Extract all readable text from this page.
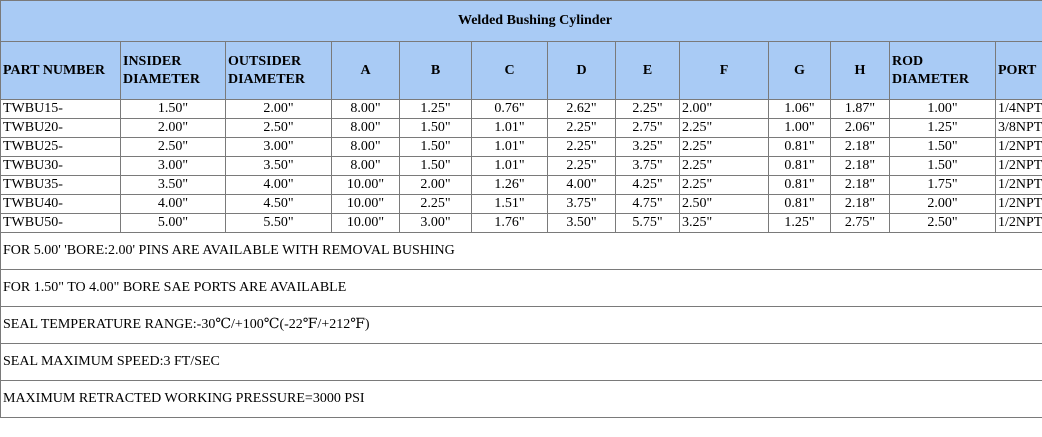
Welded Bushing Cylinder												
PART NUMBER	INSIDER DIAMETER	OUTSIDER DIAMETER	A	B	C	D	E	F	G	H	ROD DIAMETER	PORT
TWBU15-	1.50"	2.00"	8.00"	1.25"	0.76"	2.62"	2.25"	2.00"	1.06"	1.87"	1.00"	1/4NPT
TWBU20-	2.00"	2.50"	8.00"	1.50"	1.01"	2.25"	2.75"	2.25"	1.00"	2.06"	1.25"	3/8NPT
TWBU25-	2.50"	3.00"	8.00"	1.50"	1.01"	2.25"	3.25"	2.25"	0.81"	2.18"	1.50"	1/2NPT
TWBU30-	3.00"	3.50"	8.00"	1.50"	1.01"	2.25"	3.75"	2.25"	0.81"	2.18"	1.50"	1/2NPT
TWBU35-	3.50"	4.00"	10.00"	2.00"	1.26"	4.00"	4.25"	2.25"	0.81"	2.18"	1.75"	1/2NPT
TWBU40-	4.00"	4.50"	10.00"	2.25"	1.51"	3.75"	4.75"	2.50"	0.81"	2.18"	2.00"	1/2NPT
TWBU50-	5.00"	5.50"	10.00"	3.00"	1.76"	3.50"	5.75"	3.25"	1.25"	2.75"	2.50"	1/2NPT
FOR 5.00' 'BORE:2.00' PINS ARE AVAILABLE WITH REMOVAL BUSHING												
FOR 1.50" TO 4.00" BORE SAE PORTS ARE AVAILABLE												
SEAL TEMPERATURE RANGE:-30℃/+100℃(-22℉/+212℉)												
SEAL MAXIMUM SPEED:3 FT/SEC												
MAXIMUM RETRACTED WORKING PRESSURE=3000 PSI												
